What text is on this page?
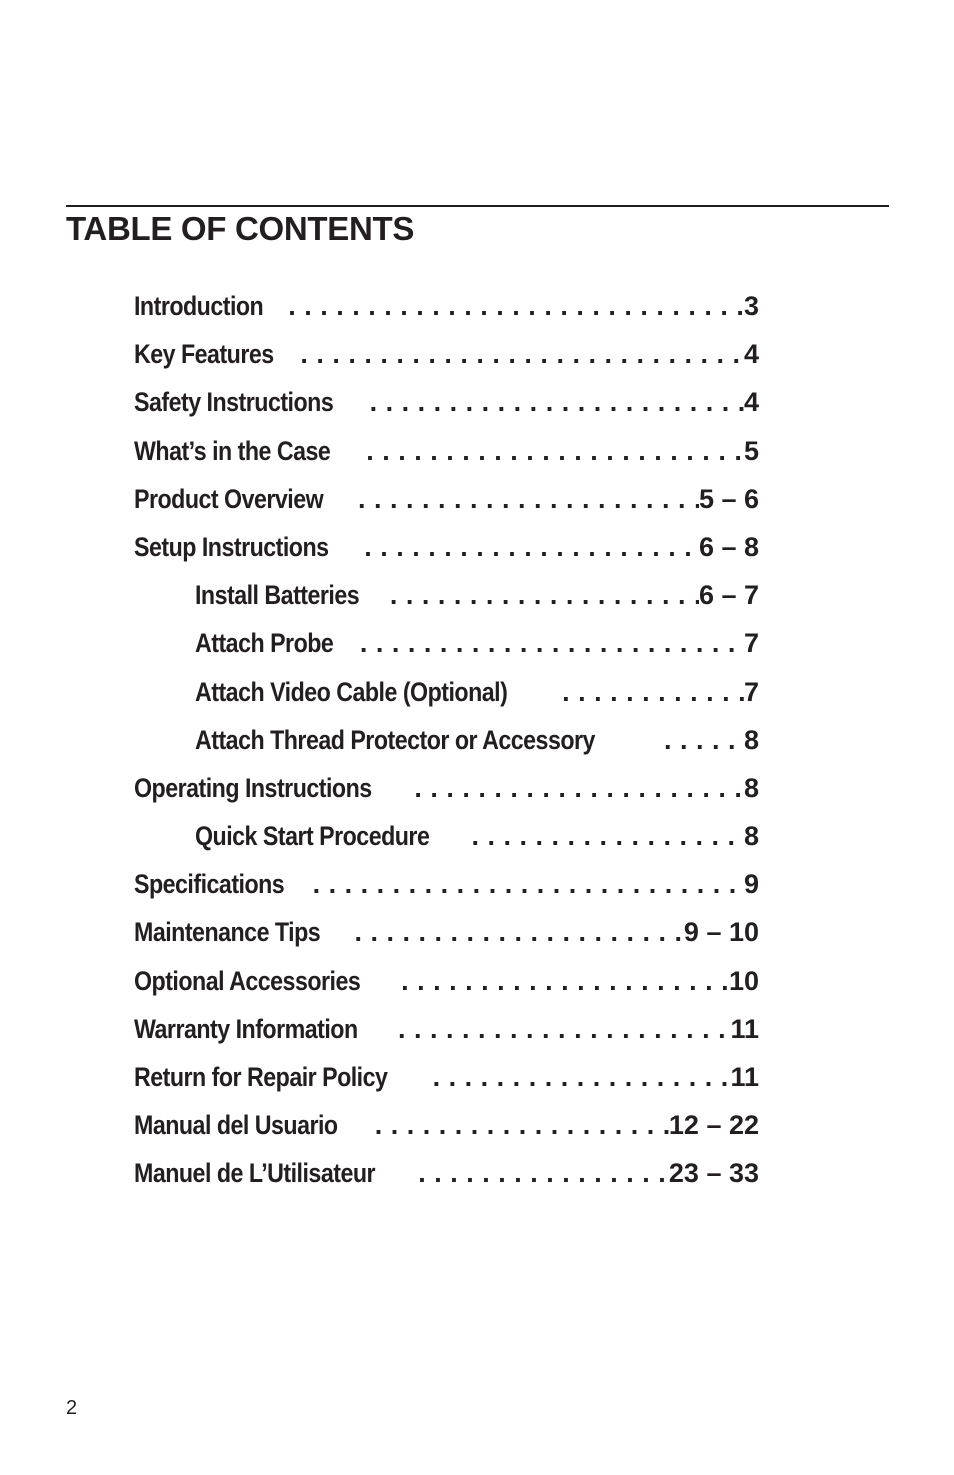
TABLE OF CONTENTS
Introduction . . .	3
Key Features . . .	4
Safety Instructions . . .	4
What’s in the Case . . .	5
Product Overview . . .	5 – 6
Setup Instructions . . .	6 – 8
Install Batteries . . .	6 – 7
Attach Probe . . .	7
Attach Video Cable (Optional) . . .	7
Attach Thread Protector or Accessory . . .	8
Operating Instructions . . .	8
Quick Start Procedure . . .	8
Specifications . . .	9
Maintenance Tips . . .	9 – 10
Optional Accessories . . .	10
Warranty Information . . .	11
Return for Repair Policy . . .	11
Manual del Usuario . . .	12 – 22
Manuel de L’Utilisateur . . .	23 – 33
2
